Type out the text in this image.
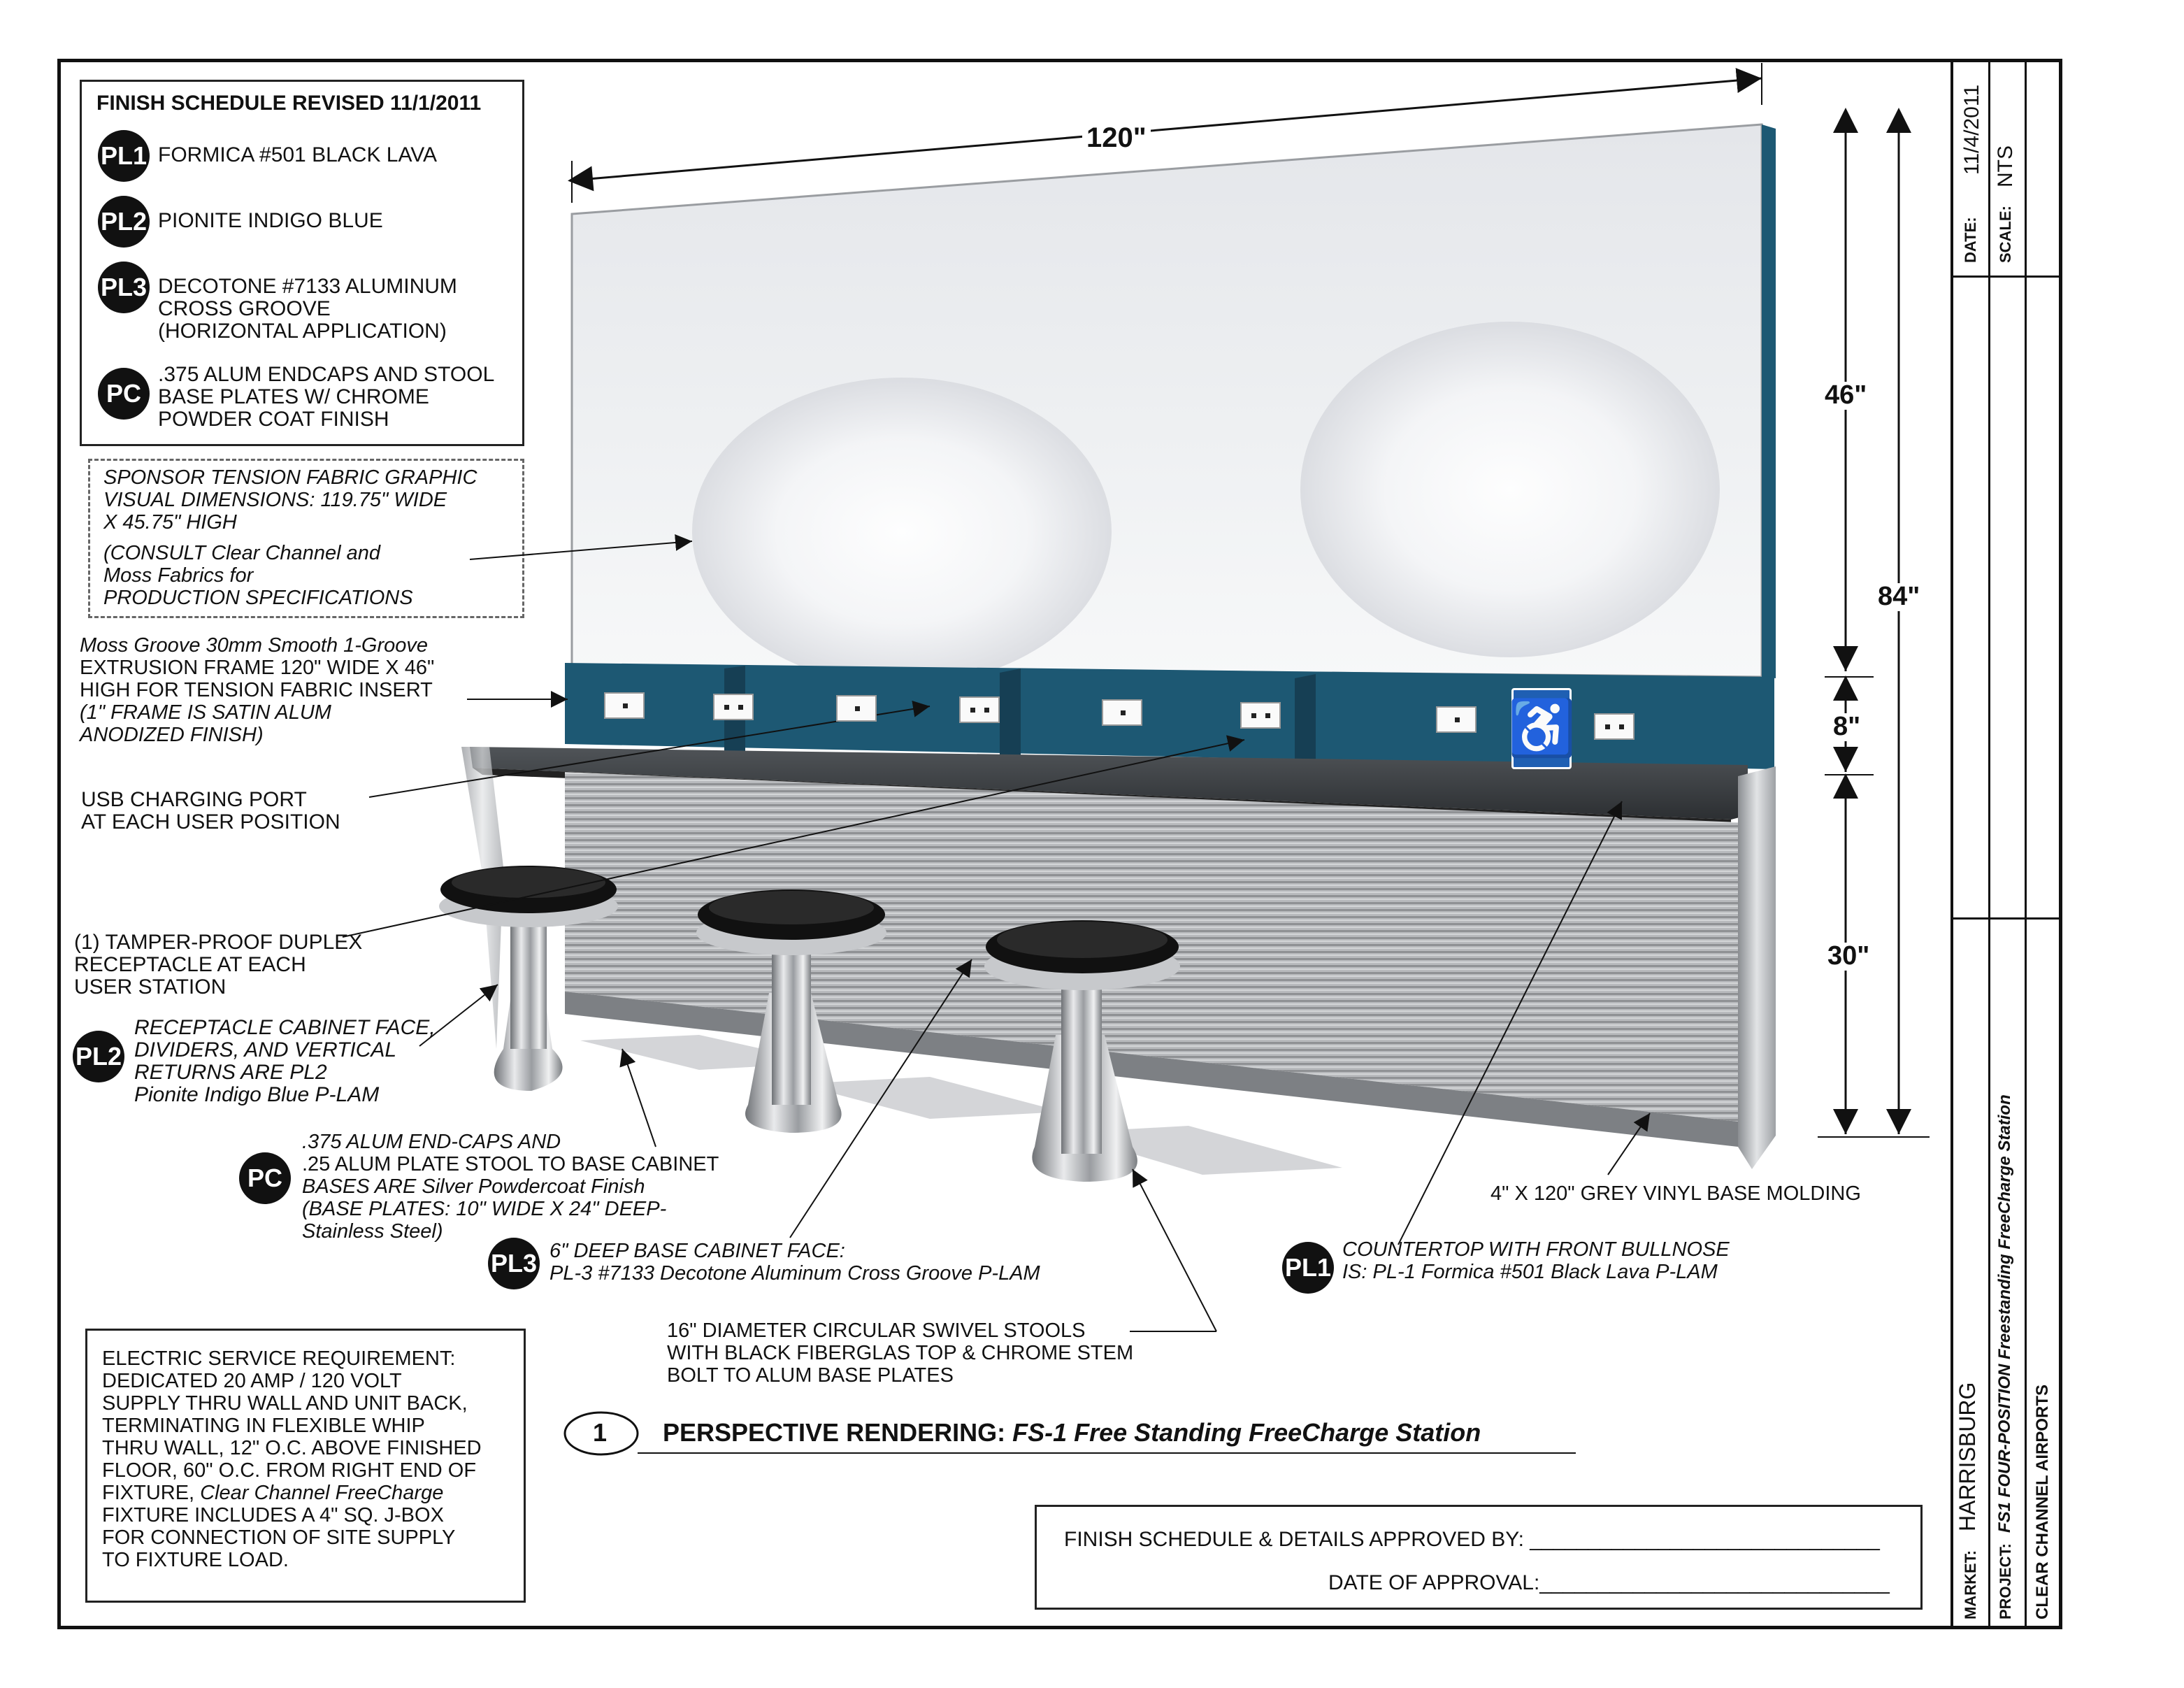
DATE:
11/4/2011
SCALE:
NTS
MARKET:
HARRISBURG
PROJECT:
FS1 FOUR-POSITION Freestanding FreeCharge Station CLEAR CHANNEL AIRPORTS
FINISH SCHEDULE REVISED 11/1/2011
PL1 FORMICA #501 BLACK LAVA
PL2 PIONITE INDIGO BLUE
PL3 DECOTONE #7133 ALUMINUM
CROSS GROOVE
(HORIZONTAL APPLICATION)
PC
.375 ALUM ENDCAPS AND STOOL
BASE PLATES W/ CHROME
POWDER COAT FINISH
SPONSOR TENSION FABRIC GRAPHIC
VISUAL DIMENSIONS: 119.75" WIDE
X 45.75" HIGH
(CONSULT Clear Channel and
Moss Fabrics for
PRODUCTION SPECIFICATIONS
♿
120"
46"
8"
30"
84"
Moss Groove 30mm Smooth 1-Groove
EXTRUSION FRAME 120" WIDE X 46"
HIGH FOR TENSION FABRIC INSERT
(1" FRAME IS SATIN ALUM
ANODIZED FINISH)
USB CHARGING PORT
AT EACH USER POSITION
(1) TAMPER-PROOF DUPLEX
RECEPTACLE AT EACH
USER STATION
PL2
RECEPTACLE CABINET FACE,
DIVIDERS, AND VERTICAL
RETURNS ARE PL2
Pionite Indigo Blue P-LAM
PC
.375 ALUM END-CAPS AND
.25 ALUM PLATE STOOL TO BASE CABINET
BASES ARE Silver Powdercoat Finish
(BASE PLATES: 10" WIDE X 24" DEEP-
Stainless Steel)
PL3 6" DEEP BASE CABINET FACE:
PL-3 #7133 Decotone Aluminum Cross Groove P-LAM
16" DIAMETER CIRCULAR SWIVEL STOOLS
WITH BLACK FIBERGLAS TOP & CHROME STEM
BOLT TO ALUM BASE PLATES
4" X 120" GREY VINYL BASE MOLDING
PL1
COUNTERTOP WITH FRONT BULLNOSE
IS: PL-1 Formica #501 Black Lava P-LAM
ELECTRIC SERVICE REQUIREMENT:
DEDICATED 20 AMP / 120 VOLT
SUPPLY THRU WALL AND UNIT BACK,
TERMINATING IN FLEXIBLE WHIP
THRU WALL, 12" O.C. ABOVE FINISHED
FLOOR, 60" O.C. FROM RIGHT END OF
FIXTURE, Clear Channel FreeCharge
FIXTURE INCLUDES A 4" SQ. J-BOX
FOR CONNECTION OF SITE SUPPLY
TO FIXTURE LOAD.
1 PERSPECTIVE RENDERING: FS-1 Free Standing FreeCharge Station
FINISH SCHEDULE & DETAILS APPROVED BY: ______________________________
DATE OF APPROVAL:______________________________
